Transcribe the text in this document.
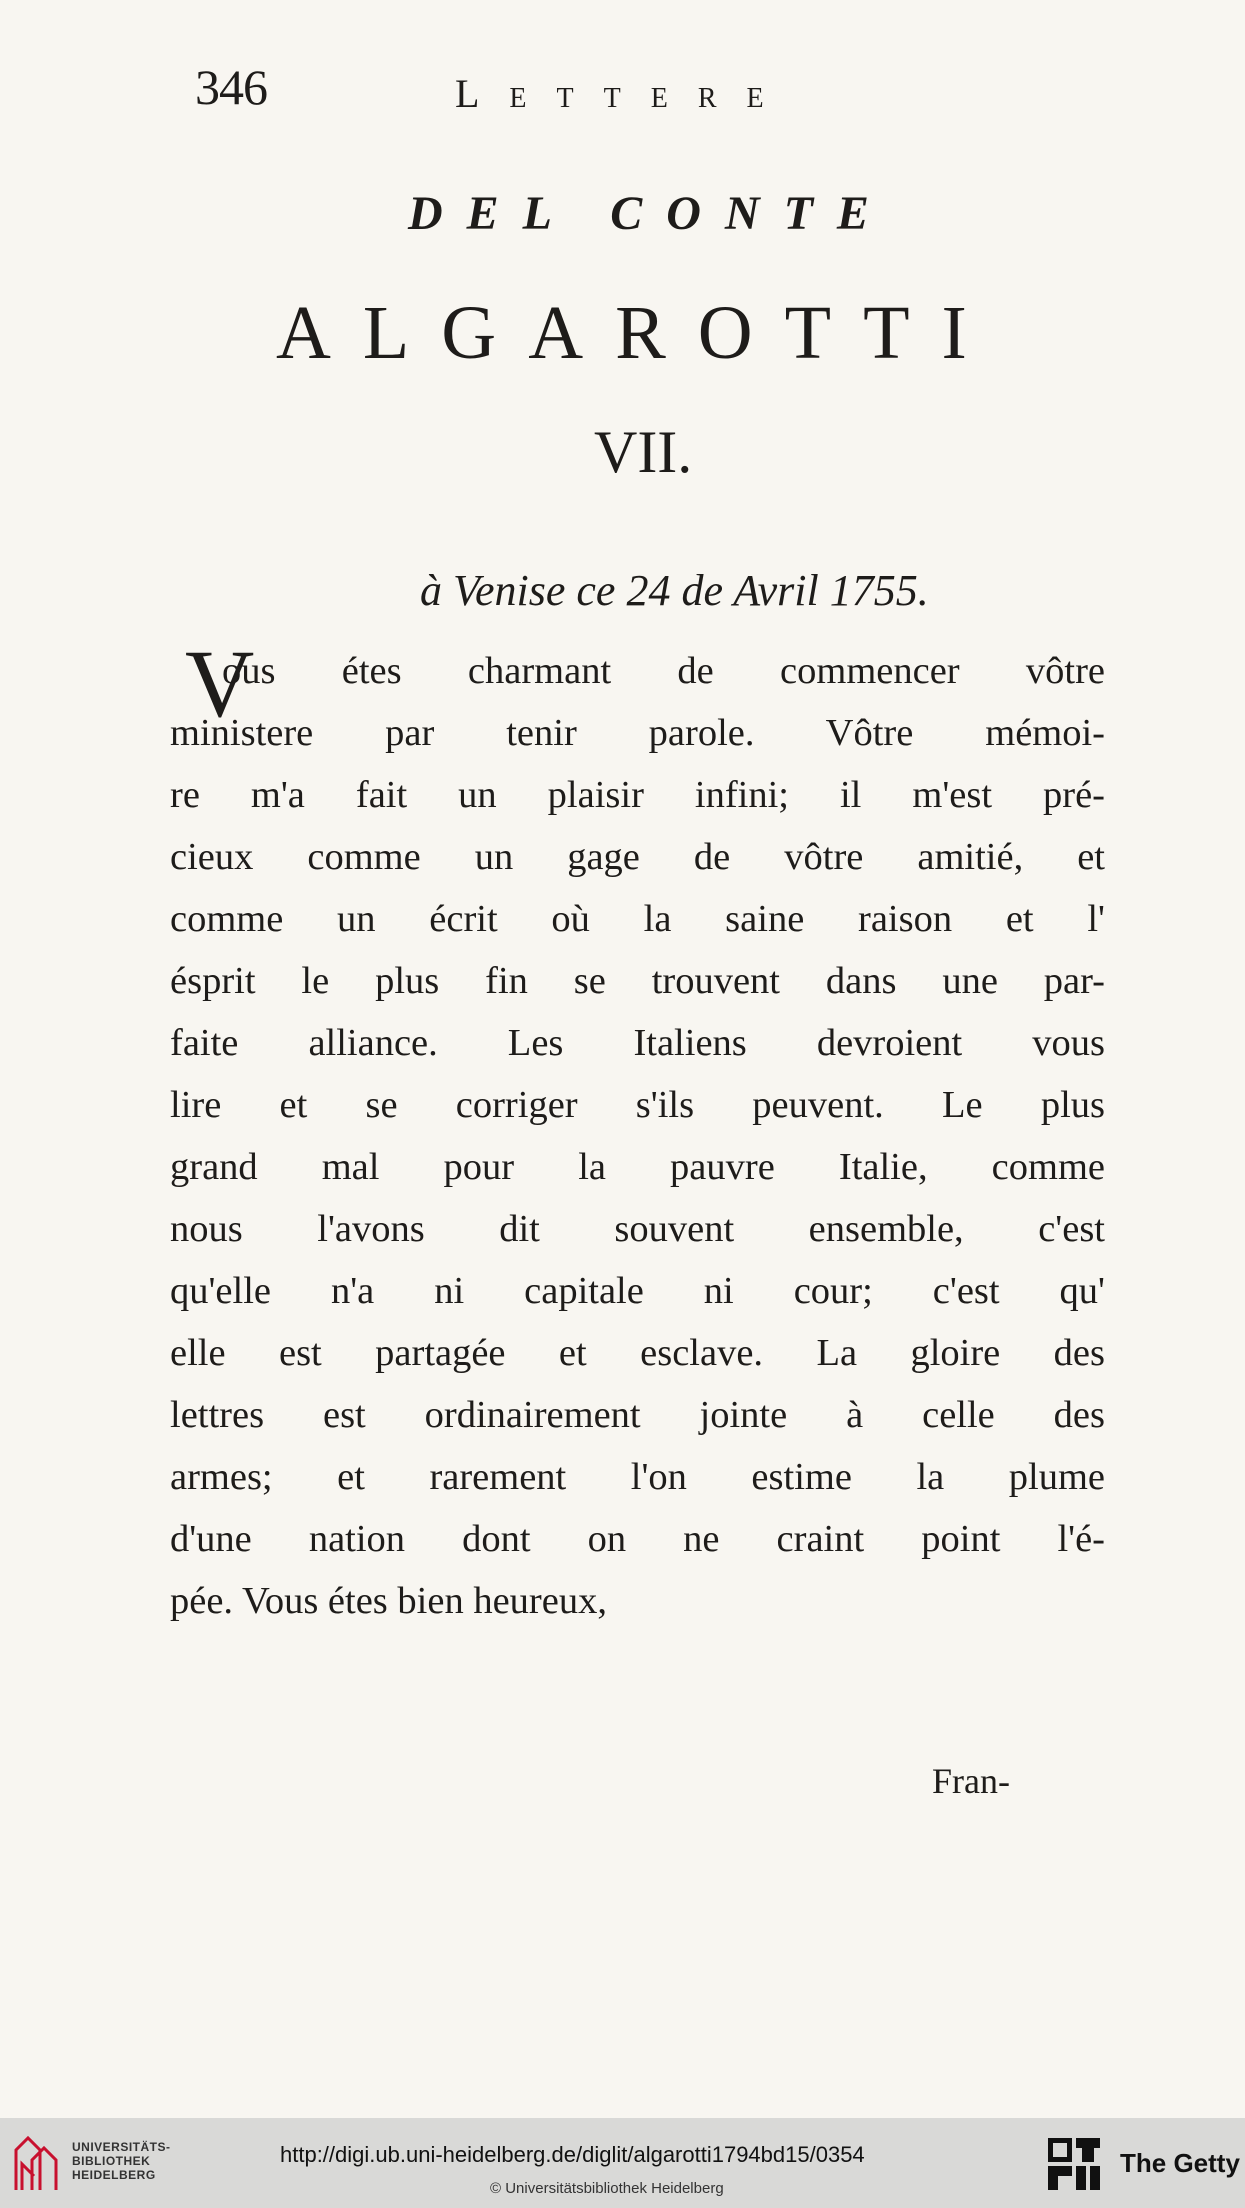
346	Lettere
DEL CONTE
ALGAROTTI
VII.
à Venise ce 24 de Avril 1755.
V
ous étes charmant de commencer vôtre
ministere par tenir parole. Vôtre mémoi-
re m'a fait un plaisir infini; il m'est pré-
cieux comme un gage de vôtre amitié, et
comme un écrit où la saine raison et l'
ésprit le plus fin se trouvent dans une par-
faite alliance. Les Italiens devroient vous
lire et se corriger s'ils peuvent. Le plus
grand mal pour la pauvre Italie, comme
nous l'avons dit souvent ensemble, c'est
qu'elle n'a ni capitale ni cour; c'est qu'
elle est partagée et esclave. La gloire des
lettres est ordinairement jointe à celle des
armes; et rarement l'on estime la plume
d'une nation dont on ne craint point l'é-
pée. Vous étes bien heureux,
Fran-
UNIVERSITÄTS-
BIBLIOTHEK
HEIDELBERG
http://digi.ub.uni-heidelberg.de/diglit/algarotti1794bd15/0354
© Universitätsbibliothek Heidelberg
The Getty
